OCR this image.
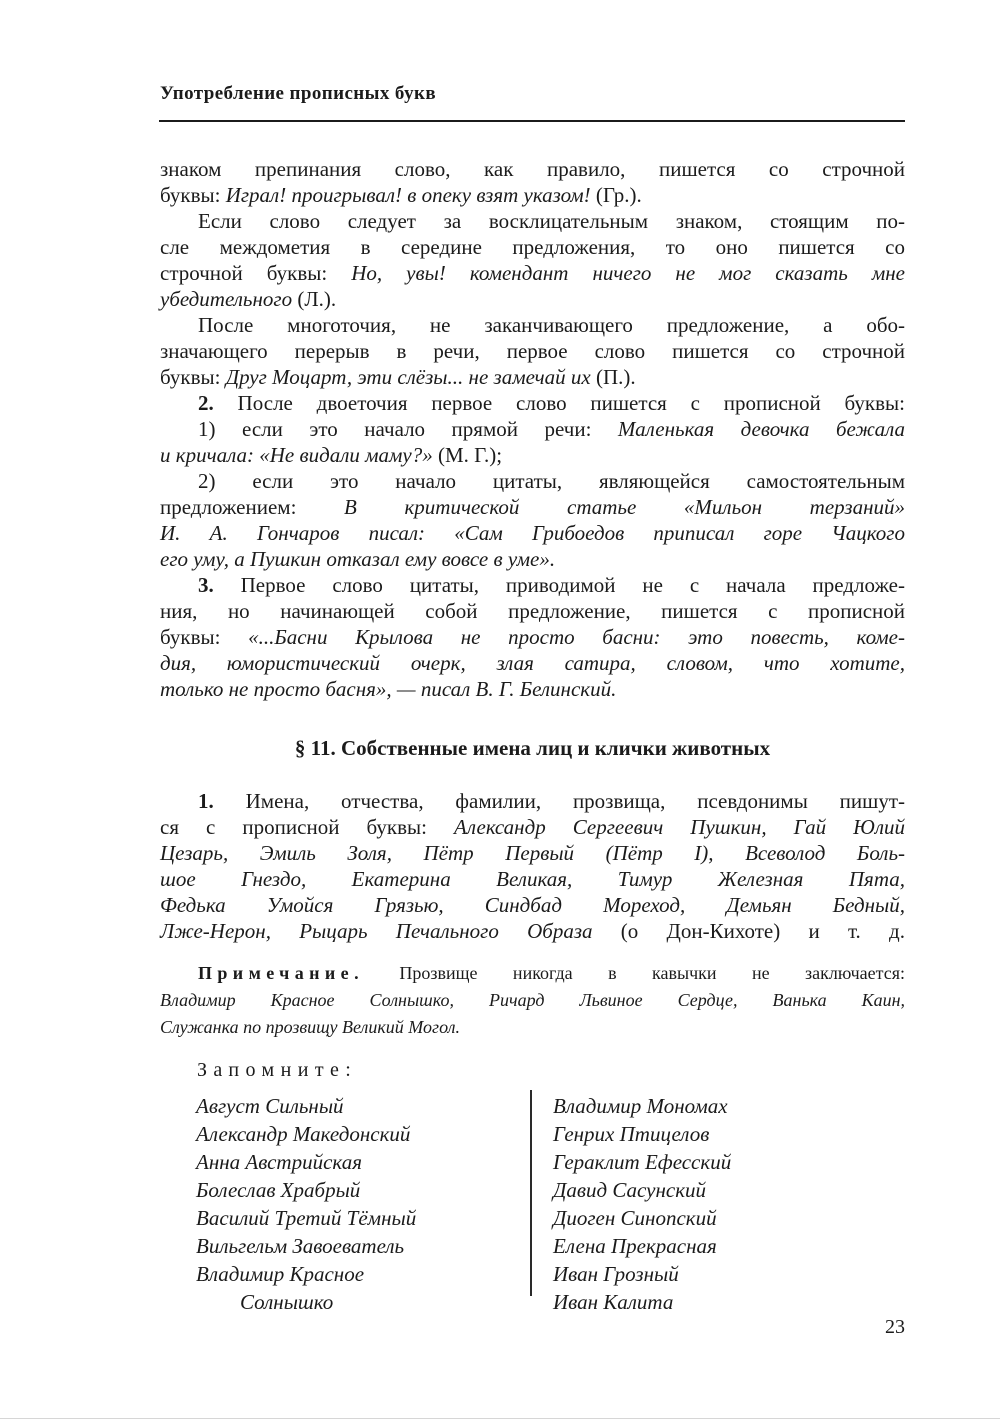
Употребление прописных букв
знаком препинания слово, как правило, пишется со строчной
буквы: Играл! проигрывал! в опеку взят указом! (Гр.).
Если слово следует за восклицательным знаком, стоящим по-
сле междометия в середине предложения, то оно пишется со
строчной буквы: Но, увы! комендант ничего не мог сказать мне
убедительного (Л.).
После многоточия, не заканчивающего предложение, а обо-
значающего перерыв в речи, первое слово пишется со строчной
буквы: Друг Моцарт, эти слёзы... не замечай их (П.).
2. После двоеточия первое слово пишется с прописной буквы:
1) если это начало прямой речи: Маленькая девочка бежала
и кричала: «Не видали маму?» (М. Г.);
2) если это начало цитаты, являющейся самостоятельным
предложением: В критической статье «Мильон терзаний»
И. А. Гончаров писал: «Сам Грибоедов приписал горе Чацкого
его уму, а Пушкин отказал ему вовсе в уме».
3. Первое слово цитаты, приводимой не с начала предложе-
ния, но начинающей собой предложение, пишется с прописной
буквы: «...Басни Крылова не просто басни: это повесть, коме-
дия, юмористический очерк, злая сатира, словом, что хотите,
только не просто басня», — писал В. Г. Белинский.
§ 11. Собственные имена лиц и клички животных
1. Имена, отчества, фамилии, прозвища, псевдонимы пишут-
ся с прописной буквы: Александр Сергеевич Пушкин, Гай Юлий
Цезарь, Эмиль Золя, Пётр Первый (Пётр I), Всеволод Боль-
шое Гнездо, Екатерина Великая, Тимур Железная Пята,
Федька Умойся Грязью, Синдбад Мореход, Демьян Бедный,
Лже-Нерон, Рыцарь Печального Образа (о Дон-Кихоте) и т. д.
Примечание. Прозвище никогда в кавычки не заключается:
Владимир Красное Солнышко, Ричард Львиное Сердце, Ванька Каин,
Служанка по прозвищу Великий Могол.
Запомните:
Август Сильный
Александр Македонский
Анна Австрийская
Болеслав Храбрый
Василий Третий Тёмный
Вильгельм Завоеватель
Владимир Красное
Солнышко
Владимир Мономах
Генрих Птицелов
Гераклит Ефесский
Давид Сасунский
Диоген Синопский
Елена Прекрасная
Иван Грозный
Иван Калита
23
